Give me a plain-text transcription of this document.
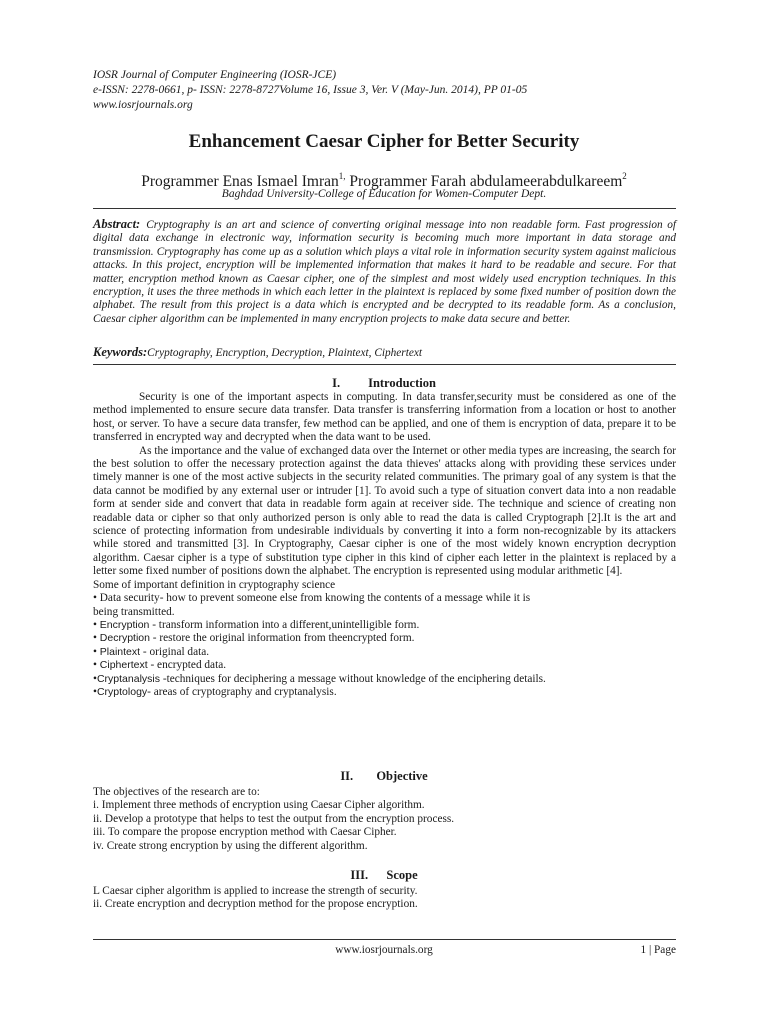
IOSR Journal of Computer Engineering (IOSR-JCE)
e-ISSN: 2278-0661, p- ISSN: 2278-8727Volume 16, Issue 3, Ver. V (May-Jun. 2014), PP 01-05
www.iosrjournals.org
Enhancement Caesar Cipher for Better Security
Programmer Enas Ismael Imran$^{1,}$ Programmer Farah abdulameerabdulkareem$^2$
Baghdad University-College of Education for Women-Computer Dept.
Abstract: Cryptography is an art and science of converting original message into non readable form. Fast progression of digital data exchange in electronic way, information security is becoming much more important in data storage and transmission. Cryptography has come up as a solution which plays a vital role in information security system against malicious attacks. In this project, encryption will be implemented information that makes it hard to be readable and secure. For that matter, encryption method known as Caesar cipher, one of the simplest and most widely used encryption techniques. In this encryption, it uses the three methods in which each letter in the plaintext is replaced by some fixed number of position down the alphabet. The result from this project is a data which is encrypted and be decrypted to its readable form. As a conclusion, Caesar cipher algorithm can be implemented in many encryption projects to make data secure and better.
Keywords:Cryptography, Encryption, Decryption, Plaintext, Ciphertext
I. Introduction

Security is one of the important aspects in computing. In data transfer,security must be considered as one of the method implemented to ensure secure data transfer. Data transfer is transferring information from a location or host to another host, or server. To have a secure data transfer, few method can be applied, and one of them is encryption of data, prepare it to be transferred in encrypted way and decrypted when the data want to be used.

As the importance and the value of exchanged data over the Internet or other media types are increasing, the search for the best solution to offer the necessary protection against the data thieves' attacks along with providing these services under timely manner is one of the most active subjects in the security related communities. The primary goal of any system is that the data cannot be modified by any external user or intruder [1]. To avoid such a type of situation convert data into a non readable form at sender side and convert that data in readable form again at receiver side. The technique and science of creating non readable data or cipher so that only authorized person is only able to read the data is called Cryptograph [2].It is the art and science of protecting information from undesirable individuals by converting it into a form non-recognizable by its attackers while stored and transmitted [3]. In Cryptography, Caesar cipher is one of the most widely known encryption decryption algorithm. Caesar cipher is a type of substitution type cipher in this kind of cipher each letter in the plaintext is replaced by a letter some fixed number of positions down the alphabet. The encryption is represented using modular arithmetic [4].

Some of important definition in cryptography science

• Data security- how to prevent someone else from knowing the contents of a message while it is

being transmitted.

• Encryption - transform information into a different,unintelligible form.

• Decryption - restore the original information from theencrypted form.

• Plaintext - original data.

• Ciphertext - encrypted data.

•Cryptanalysis -techniques for deciphering a message without knowledge of the enciphering details.

•Cryptology- areas of cryptography and cryptanalysis.

II. Objective

The objectives of the research are to:

i. Implement three methods of encryption using Caesar Cipher algorithm.

ii. Develop a prototype that helps to test the output from the encryption process.

iii. To compare the propose encryption method with Caesar Cipher.

iv. Create strong encryption by using the different algorithm.

III. Scope

L Caesar cipher algorithm is applied to increase the strength of security.

ii. Create encryption and decryption method for the propose encryption.

www.iosrjournals.org	1 | Page
